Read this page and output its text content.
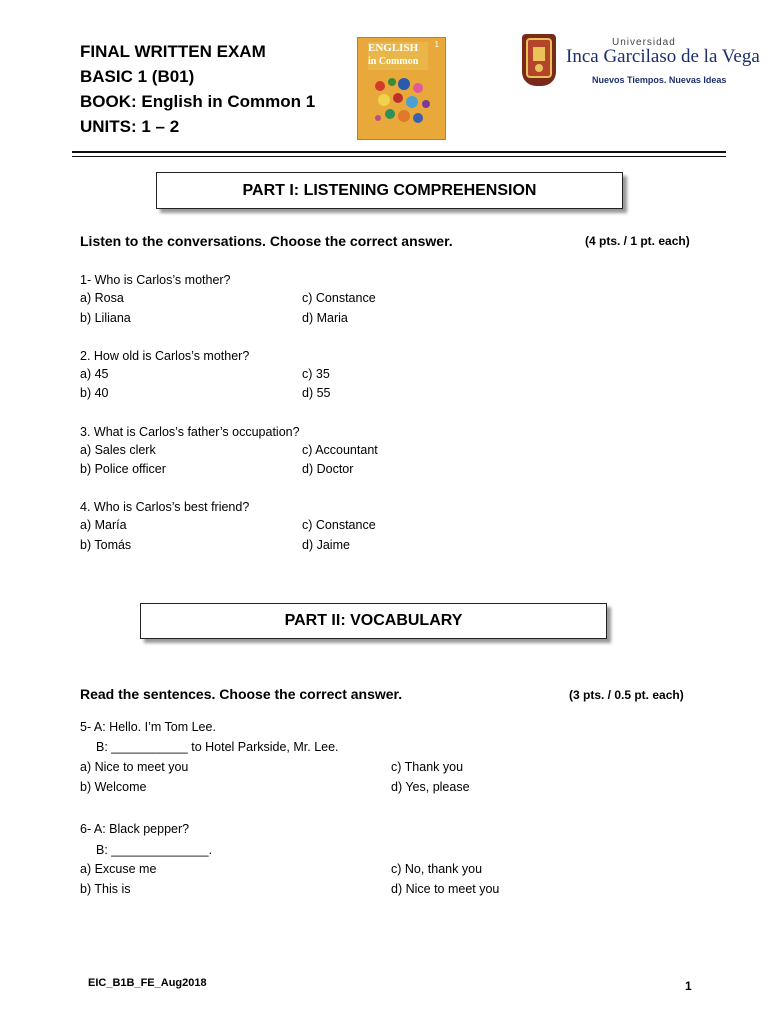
FINAL WRITTEN EXAM
BASIC 1 (B01)
BOOK: English in Common 1
UNITS: 1 – 2
ENGLISH
in Common
1	Universidad
Inca Garcilaso de la Vega
Nuevos Tiempos. Nuevas Ideas
PART I: LISTENING COMPREHENSION
Listen to the conversations. Choose the correct answer.	(4 pts. / 1 pt. each)
1- Who is Carlos’s mother?
a) Rosa
b) Liliana
c) Constance
d) Maria
2. How old is Carlos’s mother?
a) 45
b) 40
c) 35
d) 55
3. What is Carlos’s father’s occupation?
a) Sales clerk
b) Police officer
c) Accountant
d) Doctor
4. Who is Carlos’s best friend?
a) María
b) Tomás
c) Constance
d) Jaime
PART II: VOCABULARY
Read the sentences. Choose the correct answer.	(3 pts. / 0.5 pt. each)
5- A: Hello. I’m Tom Lee.
B: ___________ to Hotel Parkside, Mr. Lee.
a) Nice to meet you
b) Welcome
c) Thank you
d) Yes, please
6- A: Black pepper?
B: ______________.
a) Excuse me
b) This is
c) No, thank you
d) Nice to meet you
EIC_B1B_FE_Aug2018	1
